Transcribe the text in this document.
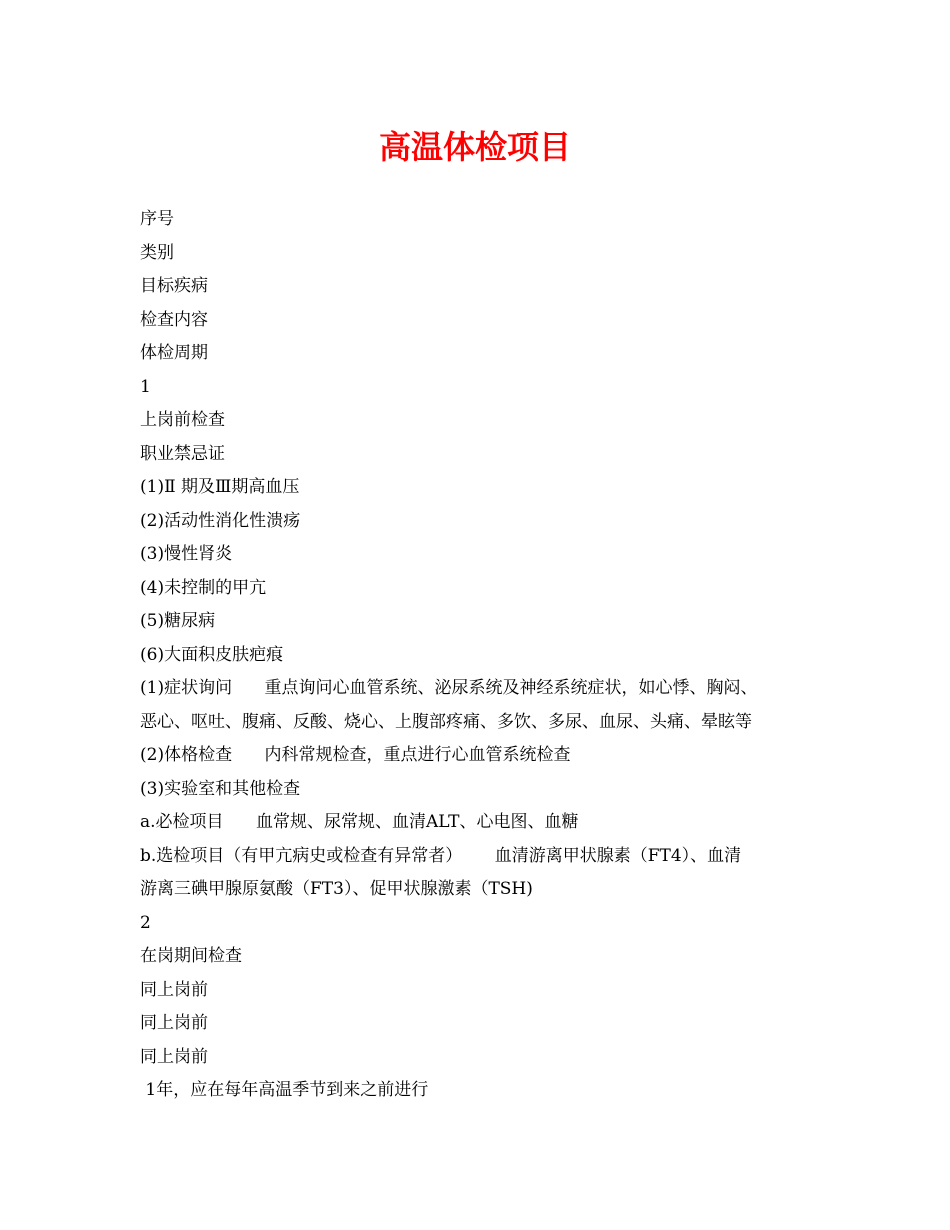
高温体检项目
序号
类别
目标疾病
检查内容
体检周期
1
上岗前检查
职业禁忌证
(1)Ⅱ 期及Ⅲ期高血压
(2)活动性消化性溃疡
(3)慢性肾炎
(4)未控制的甲亢
(5)糖尿病
(6)大面积皮肤疤痕
(1)症状询问      重点询问心血管系统、泌尿系统及神经系统症状，如心悸、胸闷、
恶心、呕吐、腹痛、反酸、烧心、上腹部疼痛、多饮、多尿、血尿、头痛、晕眩等
(2)体格检查      内科常规检查，重点进行心血管系统检查
(3)实验室和其他检查
a.必检项目      血常规、尿常规、血清ALT、心电图、血糖
b.选检项目（有甲亢病史或检查有异常者）      血清游离甲状腺素（FT4）、血清
游离三碘甲腺原氨酸（FT3）、促甲状腺激素（TSH)
2
在岗期间检查
同上岗前
同上岗前
同上岗前
1年，应在每年高温季节到来之前进行
